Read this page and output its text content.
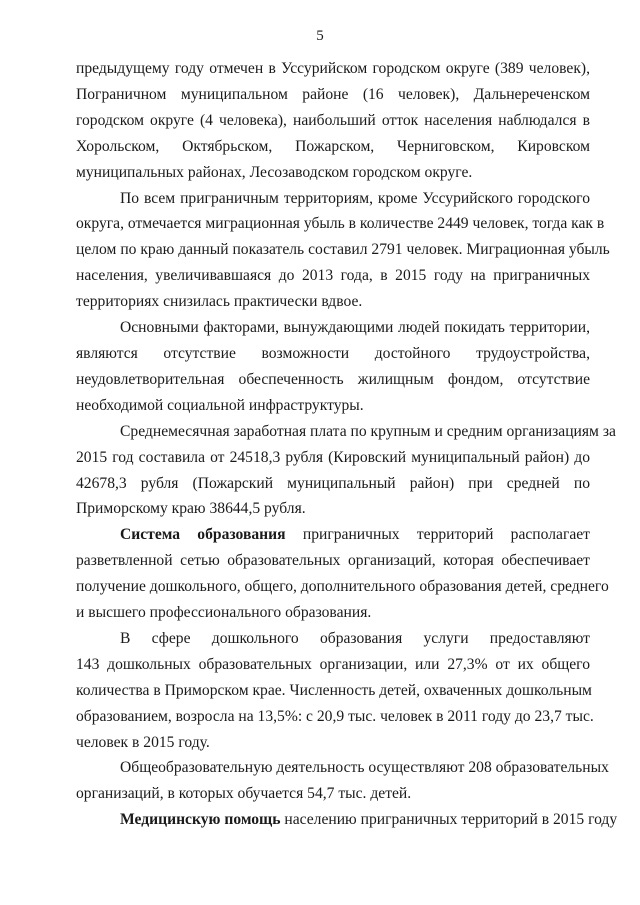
5
предыдущему году отмечен в Уссурийском городском округе (389 человек),
Пограничном муниципальном районе (16 человек), Дальнереченском
городском округе (4 человека), наибольший отток населения наблюдался в
Хорольском, Октябрьском, Пожарском, Черниговском, Кировском
муниципальных районах, Лесозаводском городском округе.
По всем приграничным территориям, кроме Уссурийского городского
округа, отмечается миграционная убыль в количестве 2449 человек, тогда как в
целом по краю данный показатель составил 2791 человек. Миграционная убыль
населения, увеличивавшаяся до 2013 года, в 2015 году на приграничных
территориях снизилась практически вдвое.
Основными факторами, вынуждающими людей покидать территории,
являются отсутствие возможности достойного трудоустройства,
неудовлетворительная обеспеченность жилищным фондом, отсутствие
необходимой социальной инфраструктуры.
Среднемесячная заработная плата по крупным и средним организациям за
2015 год составила от 24518,3 рубля (Кировский муниципальный район) до
42678,3 рубля (Пожарский муниципальный район) при средней по
Приморскому краю 38644,5 рубля.
Система образования приграничных территорий располагает
разветвленной сетью образовательных организаций, которая обеспечивает
получение дошкольного, общего, дополнительного образования детей, среднего
и высшего профессионального образования.
В сфере дошкольного образования услуги предоставляют
143 дошкольных образовательных организации, или 27,3% от их общего
количества в Приморском крае. Численность детей, охваченных дошкольным
образованием, возросла на 13,5%: с 20,9 тыс. человек в 2011 году до 23,7 тыс.
человек в 2015 году.
Общеобразовательную деятельность осуществляют 208 образовательных
организаций, в которых обучается 54,7 тыс. детей.
Медицинскую помощь населению приграничных территорий в 2015 году
